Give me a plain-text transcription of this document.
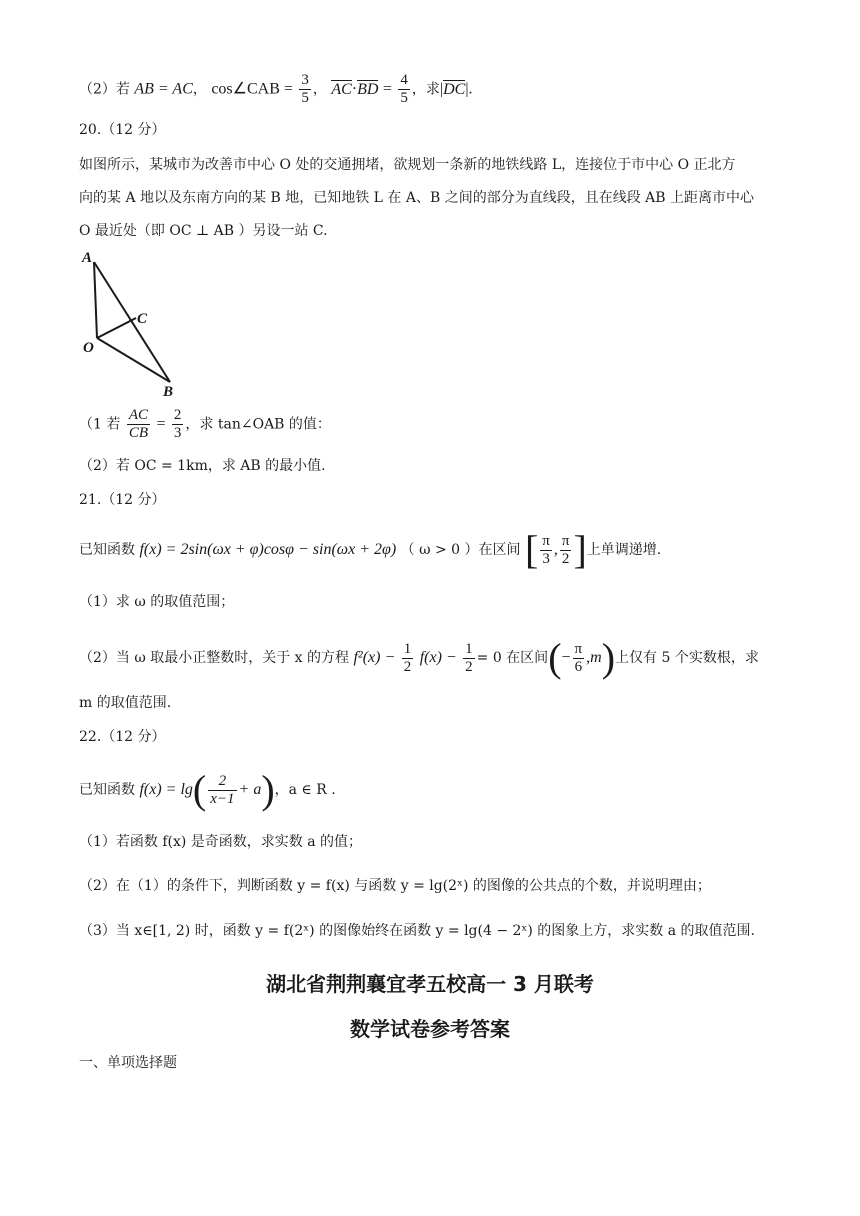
（2）若 AB = AC， cos∠CAB = $\frac{3}{5}$ ， $AC\cdot BD = \frac{4}{5}$ ，求|DC|.
20.（12 分）
如图所示，某城市为改善市中心 O 处的交通拥堵，欲规划一条新的地铁线路 L，连接位于市中心 O 正北方
向的某 A 地以及东南方向的某 B 地，已知地铁 L 在 A、B 之间的部分为直线段，且在线段 AB 上距离市中心
O 最近处（即 OC ⊥ AB ）另设一站 C.
A
C
O
B
（1 若 $\frac{AC}{CB} = \frac{2}{3}$ ，求 tan∠OAB 的值：
（2）若 OC = 1km，求 AB 的最小值.
21.（12 分）
已知函数 f(x) = 2sin(ωx + φ)cosφ − sin(ωx + 2φ) （ ω > 0 ）在区间 [ $\frac{\pi}{3}$ , $\frac{\pi}{2}$ ]上单调递增.
（1）求 ω 的取值范围；
（2）当 ω 取最小正整数时，关于 x 的方程 $f^2(x) - \frac{1}{2} f(x) - \frac{1}{2} = 0$ 在区间(− $\frac{\pi}{6} ,m$)上仅有 5 个实数根，求
m 的取值范围.
22.（12 分）
已知函数 $f(x) = \lg( \frac{2}{x-1} + a)$，a ∈ R .
（1）若函数 f(x) 是奇函数，求实数 a 的值；
（2）在（1）的条件下，判断函数 y = f(x) 与函数 y = lg(2ˣ) 的图像的公共点的个数，并说明理由；
（3）当 x∈[1, 2) 时，函数 y = f(2ˣ) 的图像始终在函数 y = lg(4 − 2ˣ) 的图象上方，求实数 a 的取值范围.
湖北省荆荆襄宜孝五校高一 3 月联考
数学试卷参考答案
一、单项选择题
